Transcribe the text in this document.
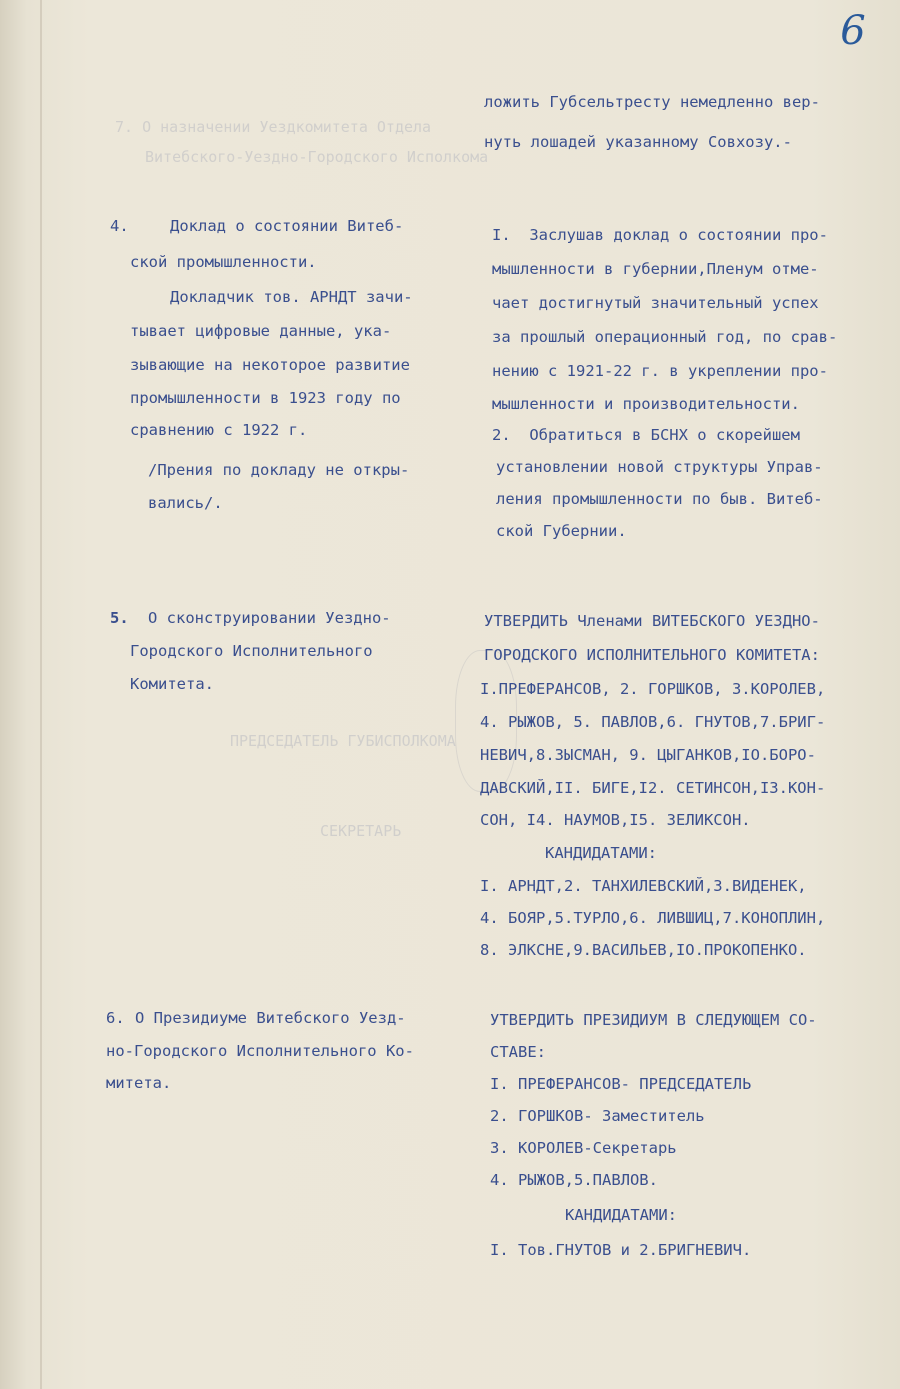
6
7. О назначении Уездкомитета Отдела
Витебского-Уездно-Городского Исполкома
ПРЕДСЕДАТЕЛЬ ГУБИСПОЛКОМА
СЕКРЕТАРЬ
ложить Губсельтресту немедленно вер-
нуть лошадей указанному Совхозу.-
4.	Доклад о состоянии Витеб-
ской промышленности.
Докладчик тов. АРНДТ зачи-
тывает цифровые данные, ука-
зывающие на некоторое развитие
промышленности в 1923 году по
сравнению с 1922 г.
/Прения по докладу не откры-
вались/.
I.  Заслушав доклад о состоянии про-
мышленности в губернии,Пленум отме-
чает достигнутый значительный успех
за прошлый операционный год, по срав-
нению с 1921-22 г. в укреплении про-
мышленности и производительности.
2.  Обратиться в БСНХ о скорейшем
установлении новой структуры Управ-
ления промышленности по быв. Витеб-
ской Губернии.
5. О сконструировании Уездно-
Городского Исполнительного
Комитета.
УТВЕРДИТЬ Членами ВИТЕБСКОГО УЕЗДНО-
ГОРОДСКОГО ИСПОЛНИТЕЛЬНОГО КОМИТЕТА:
I.ПРЕФЕРАНСОВ, 2. ГОРШКОВ, 3.КОРОЛЕВ,
4. РЫЖОВ, 5. ПАВЛОВ,6. ГНУТОВ,7.БРИГ-
НЕВИЧ,8.ЗЫСМАН, 9. ЦЫГАНКОВ,IO.БОРО-
ДАВСКИЙ,II. БИГЕ,I2. СЕТИНСОН,I3.КОН-
СОН, I4. НАУМОВ,I5. ЗЕЛИКСОН.
КАНДИДАТАМИ:
I. АРНДТ,2. ТАНХИЛЕВСКИЙ,3.ВИДЕНЕК,
4. БОЯР,5.ТУРЛО,6. ЛИВШИЦ,7.КОНОПЛИН,
8. ЭЛКСНЕ,9.ВАСИЛЬЕВ,IO.ПРОКОПЕНКО.
6. О Президиуме Витебского Уезд-
но-Городского Исполнительного Ко-
митета.
УТВЕРДИТЬ ПРЕЗИДИУМ В СЛЕДУЮЩЕМ СО-
СТАВЕ:
I. ПРЕФЕРАНСОВ- ПРЕДСЕДАТЕЛЬ
2. ГОРШКОВ- Заместитель
3. КОРОЛЕВ-Секретарь
4. РЫЖОВ,5.ПАВЛОВ.
КАНДИДАТАМИ:
I. Тов.ГНУТОВ и 2.БРИГНЕВИЧ.
